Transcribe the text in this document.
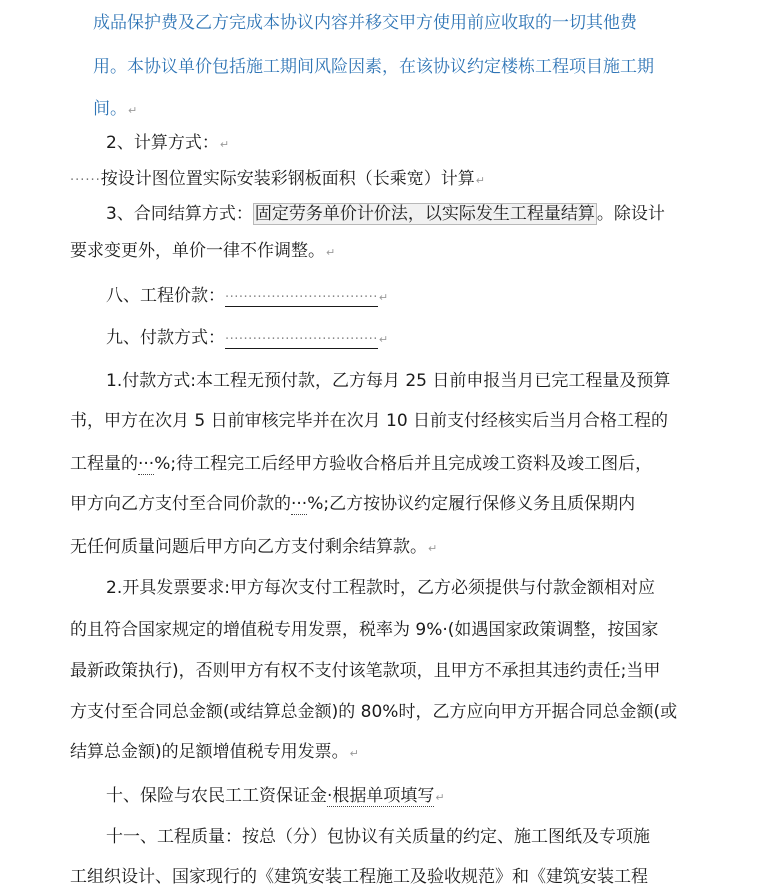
成品保护费及乙方完成本协议内容并移交甲方使用前应收取的一切其他费
用。本协议单价包括施工期间风险因素，在该协议约定楼栋工程项目施工期
间。↵
2、计算方式：↵
······按设计图位置实际安装彩钢板面积（长乘宽）计算↵
3、合同结算方式： 固定劳务单价计价法，以实际发生工程量结算 。除设计
要求变更外，单价一律不作调整。↵
八、工程价款：·································↵
九、付款方式：·································↵
1.付款方式:本工程无预付款，乙方每月 25 日前申报当月已完工程量及预算
书，甲方在次月 5 日前审核完毕并在次月 10 日前支付经核实后当月合格工程的
工程量的···%;待工程完工后经甲方验收合格后并且完成竣工资料及竣工图后，
甲方向乙方支付至合同价款的···%;乙方按协议约定履行保修义务且质保期内
无任何质量问题后甲方向乙方支付剩余结算款。↵
2.开具发票要求:甲方每次支付工程款时，乙方必须提供与付款金额相对应
的且符合国家规定的增值税专用发票，税率为 9%·(如遇国家政策调整，按国家
最新政策执行)，否则甲方有权不支付该笔款项，且甲方不承担其违约责任;当甲
方支付至合同总金额(或结算总金额)的 80%时，乙方应向甲方开据合同总金额(或
结算总金额)的足额增值税专用发票。↵
十、保险与农民工工资保证金·根据单项填写↵
十一、工程质量：按总（分）包协议有关质量的约定、施工图纸及专项施
工组织设计、国家现行的《建筑安装工程施工及验收规范》和《建筑安装工程
